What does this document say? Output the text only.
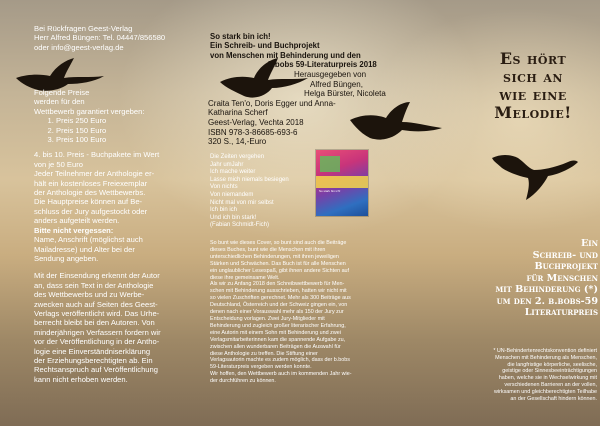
Bei Rückfragen Geest-Verlag
Herr Alfred Büngen: Tel. 04447/856580
oder info@geest-verlag.de
Folgende Preise
werden für den
Wettbewerb garantiert vergeben:
1. Preis 250 Euro
2. Preis 150 Euro
3. Preis 100 Euro
4. bis 10. Preis - Buchpakete im Wert
von je 50 Euro
Jeder Teilnehmer der Anthologie er-
hält ein kostenloses Freiexemplar
der Anthologie des Wettbewerbs.
Die Hauptpreise können auf Be-
schluss der Jury aufgestockt oder
anders aufgeteilt werden.
Bitte nicht vergessen:
Name, Anschrift (möglichst auch
Mailadresse) und Alter bei der
Sendung angeben.
Mit der Einsendung erkennt der Autor
an, dass sein Text in der Anthologie
des Wettbewerbs und zu Werbe-
zwecken auch auf Seiten des Geest-
Verlags veröffentlicht wird. Das Urhe-
berrecht bleibt bei den Autoren. Von
minderjährigen Verfassern fordern wir
vor der Veröffentlichung in der Antho-
logie eine Einverständniserklärung
der Erziehungsberechtigten ab. Ein
Rechtsanspruch auf Veröffentlichung
kann nicht erhoben werden.
So stark bin ich!
Ein Schreib- und Buchprojekt
von Menschen mit Behinderung und den
b.bobs 59-Literaturpreis 2018
Herausgegeben von
Alfred Büngen,
Helga Bürster, Nicoleta
Craita Ten'o, Doris Egger und Anna-
Katharina Scherf
Geest-Verlag, Vechta 2018
ISBN 978-3-86685-693-6
320 S., 14,-Euro
Die Zeiten vergehen
Jahr umJahr
Ich mache weiter
Lasse mich niemals besiegen
Von nichts
Von niemandem
Nicht mal von mir selbst
Ich bin ich
Und ich bin stark!
(Fabian Schmidt-Fich)
So bunt wie dieses Cover, so bunt sind auch die Beiträge
dieses Buches, bunt wie die Menschen mit ihren
unterschiedlichen Behinderungen, mit ihren jeweiligen
Stärken und Schwächen. Das Buch ist für alle Menschen
ein unglaublicher Lesespaß, gibt ihnen andere Sichten auf
diese ihre gemeinsame Welt.
Als wir zu Anfang 2018 den Schreibwettbewerb für Men-
schen mit Behinderung ausschrieben, hatten wir nicht mit
so vielen Zuschriften gerechnet. Mehr als 300 Beiträge aus
Deutschland, Österreich und der Schweiz gingen ein, von
denen nach einer Vorauswahl mehr als 150 der Jury zur
Entscheidung vorlagen. Zwei Jury-Mitglieder mit
Behinderung und zugleich großer literarischer Erfahrung,
eine Autorin mit einem Sohn mit Behinderung und zwei
Verlagsmitarbeiterinnen kam die spannende Aufgabe zu,
zwischen allen wunderbaren Beiträgen die Auswahl für
diese Anthologie zu treffen. Die Stiftung einer
Verlagsautorin machte es zudem möglich, dass der b.bobs
59-Literaturpreis vergeben werden konnte.
Wir hoffen, den Wettbewerb auch im kommenden Jahr wie-
der durchführen zu können.
So stark bin ich!
Es hört
sich an
wie eine
Melodie!
Ein
Schreib- und
Buchprojekt
für Menschen
mit Behinderung (*)
um den 2. b.bobs-59
Literaturpreis
* UN-Behindertenrechtskonvention definiert
Menschen mit Behinderung als Menschen,
die langfristige körperliche, seelische,
geistige oder Sinnesbeeinträchtigungen
haben, welche sie in Wechselwirkung mit
verschiedenen Barrieren an der vollen,
wirksamen und gleichberechtigten Teilhabe
an der Gesellschaft hindern können.
